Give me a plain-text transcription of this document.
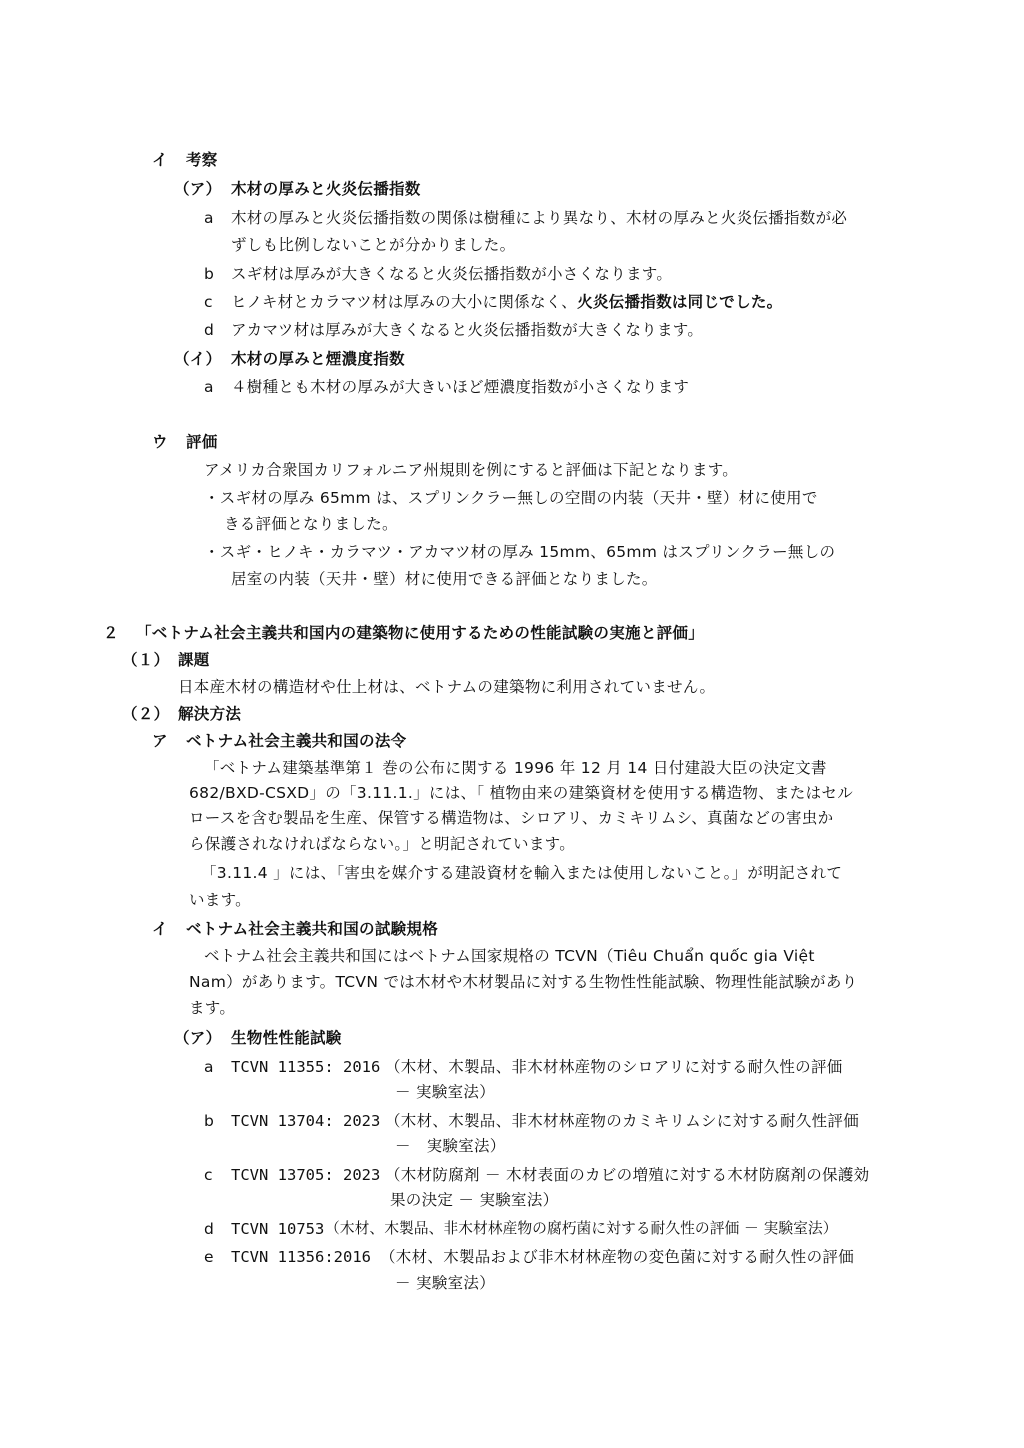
イ 考察
（ア） 木材の厚みと火炎伝播指数
a 木材の厚みと火炎伝播指数の関係は樹種により異なり、木材の厚みと火炎伝播指数が必
ずしも比例しないことが分かりました。
b スギ材は厚みが大きくなると火炎伝播指数が小さくなります。
c ヒノキ材とカラマツ材は厚みの大小に関係なく、火炎伝播指数は同じでした。
d アカマツ材は厚みが大きくなると火炎伝播指数が大きくなります。
（イ） 木材の厚みと煙濃度指数
a ４樹種とも木材の厚みが大きいほど煙濃度指数が小さくなります
ウ 評価
アメリカ合衆国カリフォルニア州規則を例にすると評価は下記となります。
・スギ材の厚み 65mm は、スプリンクラー無しの空間の内装（天井・壁）材に使用で
きる評価となりました。
・スギ・ヒノキ・カラマツ・アカマツ材の厚み 15mm、65mm はスプリンクラー無しの
居室の内装（天井・壁）材に使用できる評価となりました。
２ 「ベトナム社会主義共和国内の建築物に使用するための性能試験の実施と評価」
（１） 課題
日本産木材の構造材や仕上材は、ベトナムの建築物に利用されていません。
（２） 解決方法
ア ベトナム社会主義共和国の法令
「ベトナム建築基準第１ 巻の公布に関する 1996 年 12 月 14 日付建設大臣の決定文書
682/BXD‐CSXD」の「3.11.1.」には、「 植物由来の建築資材を使用する構造物、またはセル
ロースを含む製品を生産、保管する構造物は、シロアリ、カミキリムシ、真菌などの害虫か
ら保護されなければならない。」と明記されています。
「3.11.4 」には、「害虫を媒介する建設資材を輸入または使用しないこと。」が明記されて
います。
イ ベトナム社会主義共和国の試験規格
ベトナム社会主義共和国にはベトナム国家規格の TCVN（Tiêu Chuẩn quốc gia Việt
Nam）があります。TCVN では木材や木材製品に対する生物性性能試験、物理性能試験があり
ます。
（ア） 生物性性能試験
a TCVN 11355: 2016 （木材、木製品、非木材林産物のシロアリに対する耐久性の評価
－ 実験室法）
b TCVN 13704: 2023 （木材、木製品、非木材林産物のカミキリムシに対する耐久性評価
－　実験室法）
c TCVN 13705: 2023 （木材防腐剤 － 木材表面のカビの増殖に対する木材防腐剤の保護効
果の決定 － 実験室法）
d TCVN 10753 （木材、木製品、非木材林産物の腐朽菌に対する耐久性の評価 － 実験室法）
e TCVN 11356:2016 （木材、木製品および非木材林産物の変色菌に対する耐久性の評価
－ 実験室法）
